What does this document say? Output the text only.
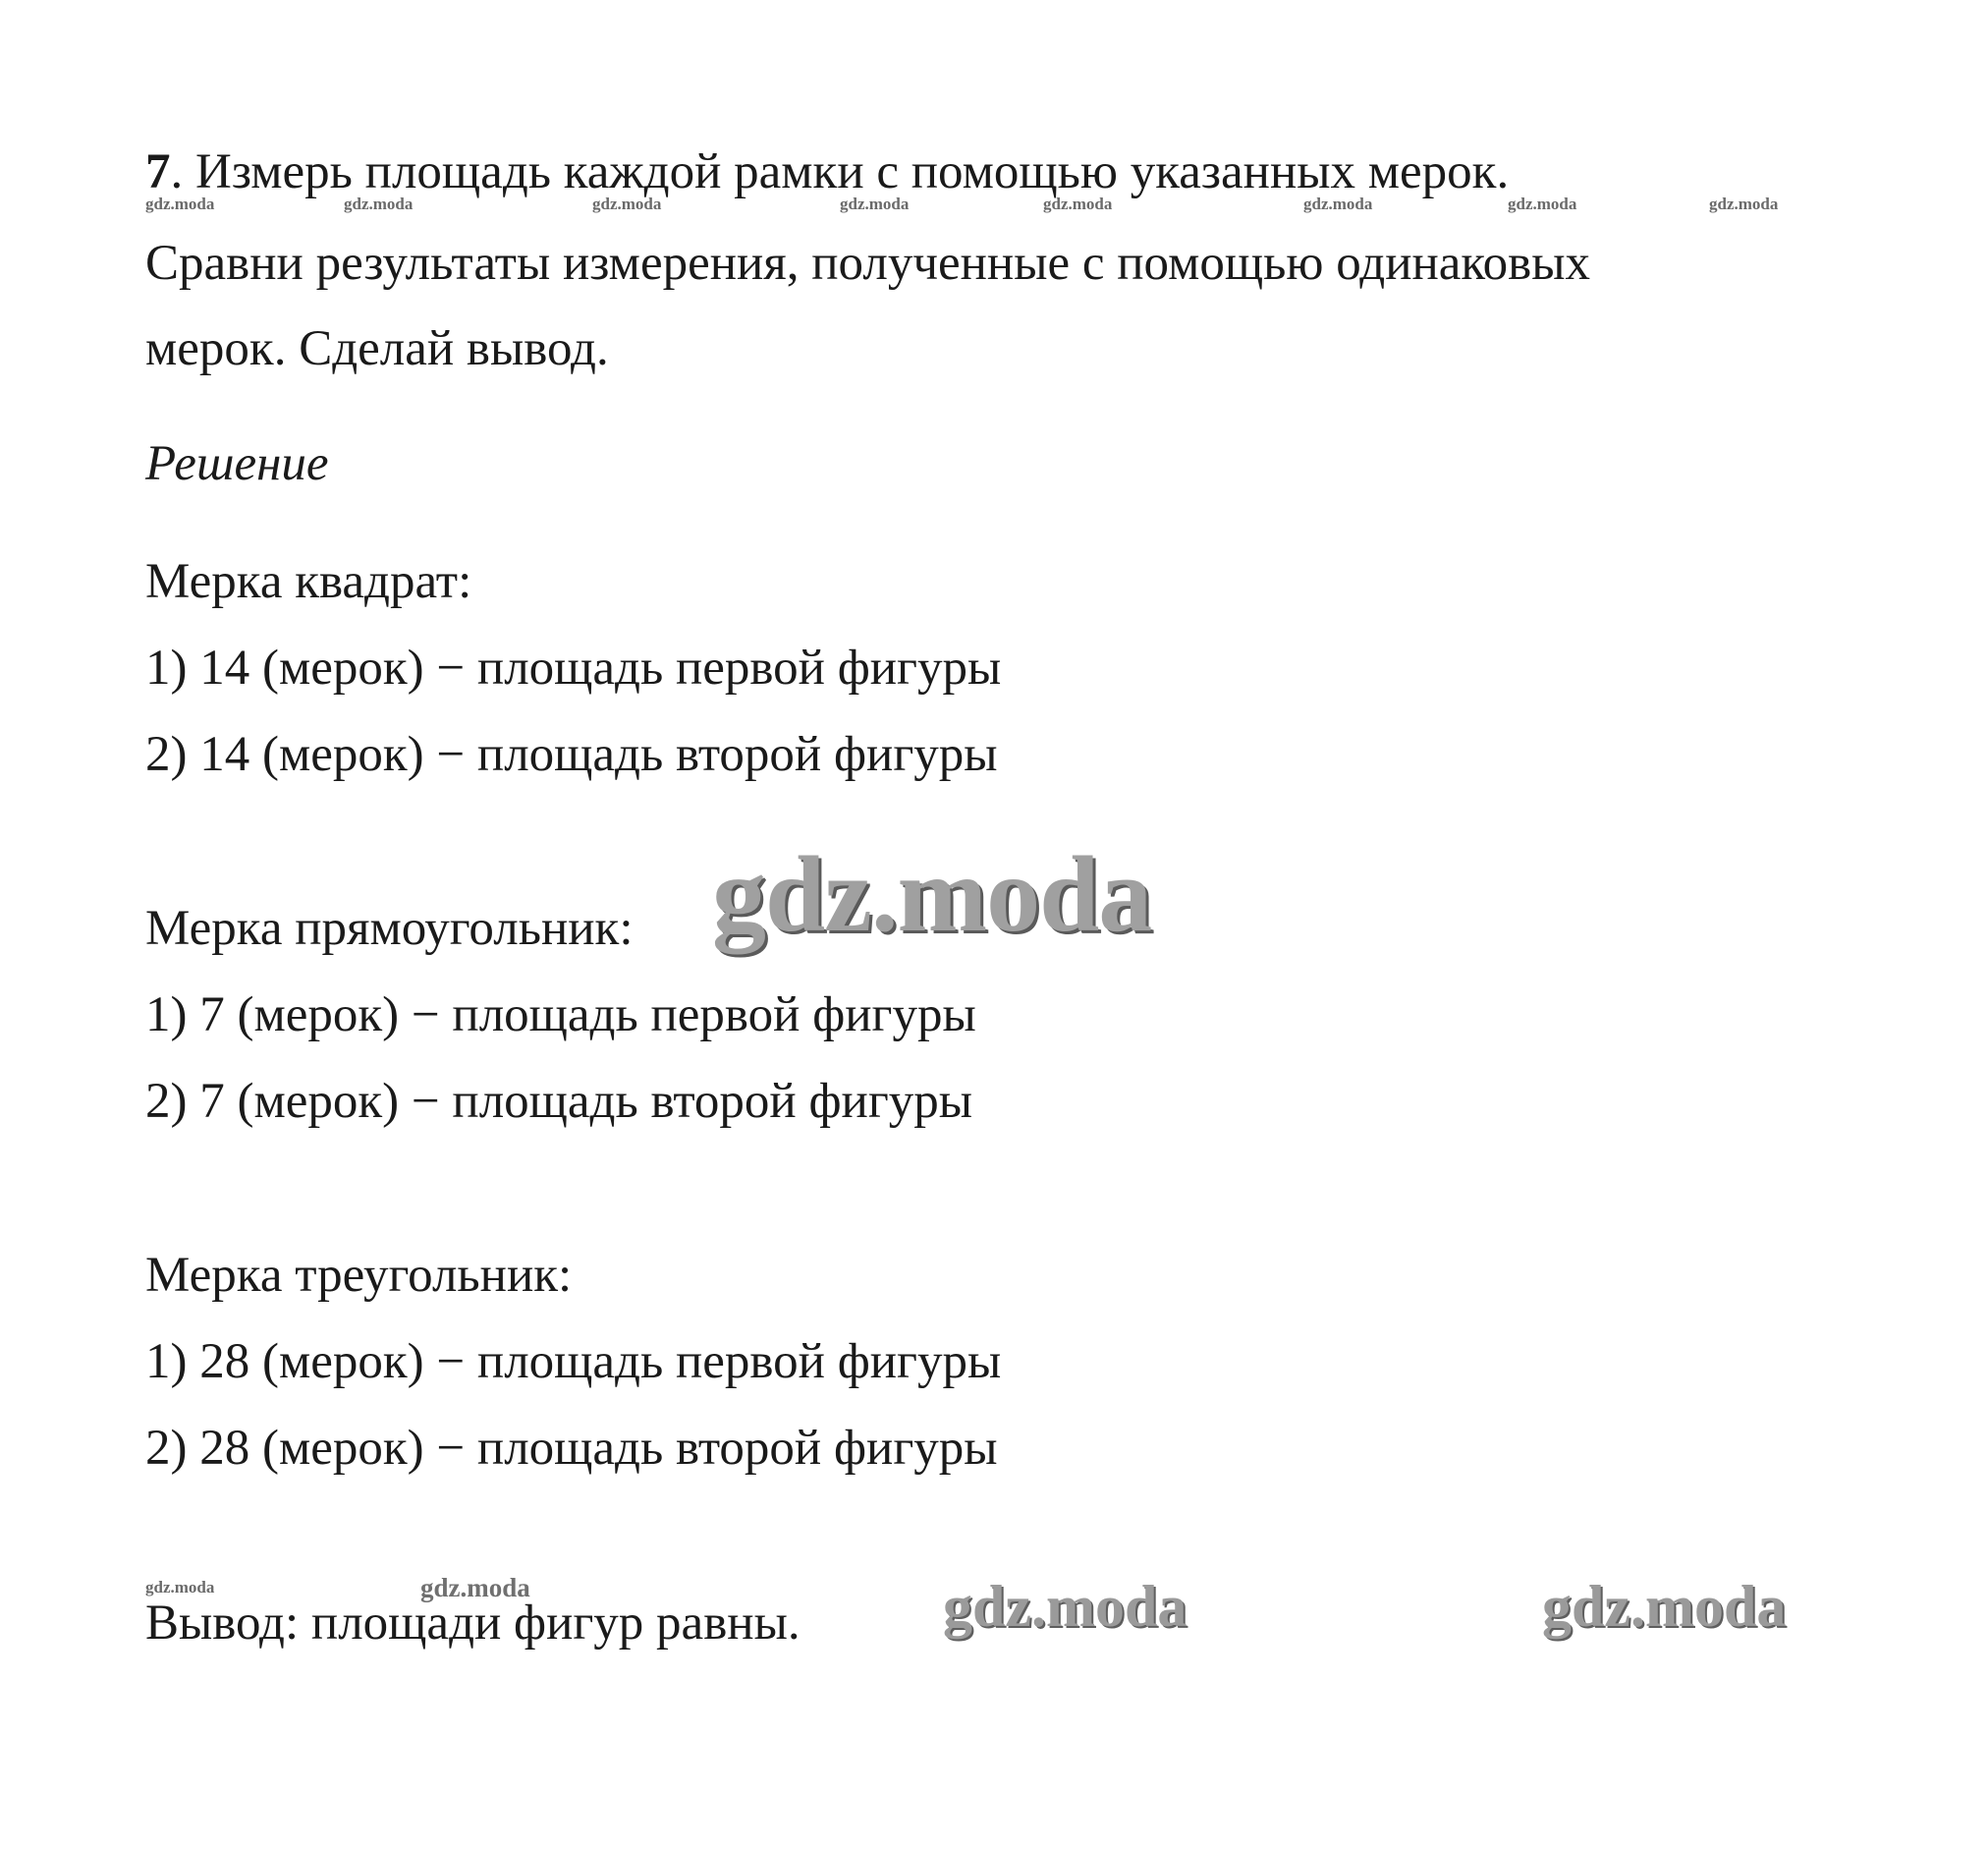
7. Измерь площадь каждой рамки с помощью указанных мерок.
Сравни результаты измерения, полученные с помощью одинаковых
мерок. Сделай вывод.
Решение
Мерка квадрат:
1) 14 (мерок) − площадь первой фигуры
2) 14 (мерок) − площадь второй фигуры
Мерка прямоугольник:
1) 7 (мерок) − площадь первой фигуры
2) 7 (мерок) − площадь второй фигуры
Мерка треугольник:
1) 28 (мерок) − площадь первой фигуры
2) 28 (мерок) − площадь второй фигуры
Вывод: площади фигур равны.
gdz.moda	gdz.moda	gdz.moda	gdz.moda	gdz.moda	gdz.moda	gdz.moda	gdz.moda
gdz.moda
gdz.moda	gdz.moda	gdz.moda	gdz.moda
